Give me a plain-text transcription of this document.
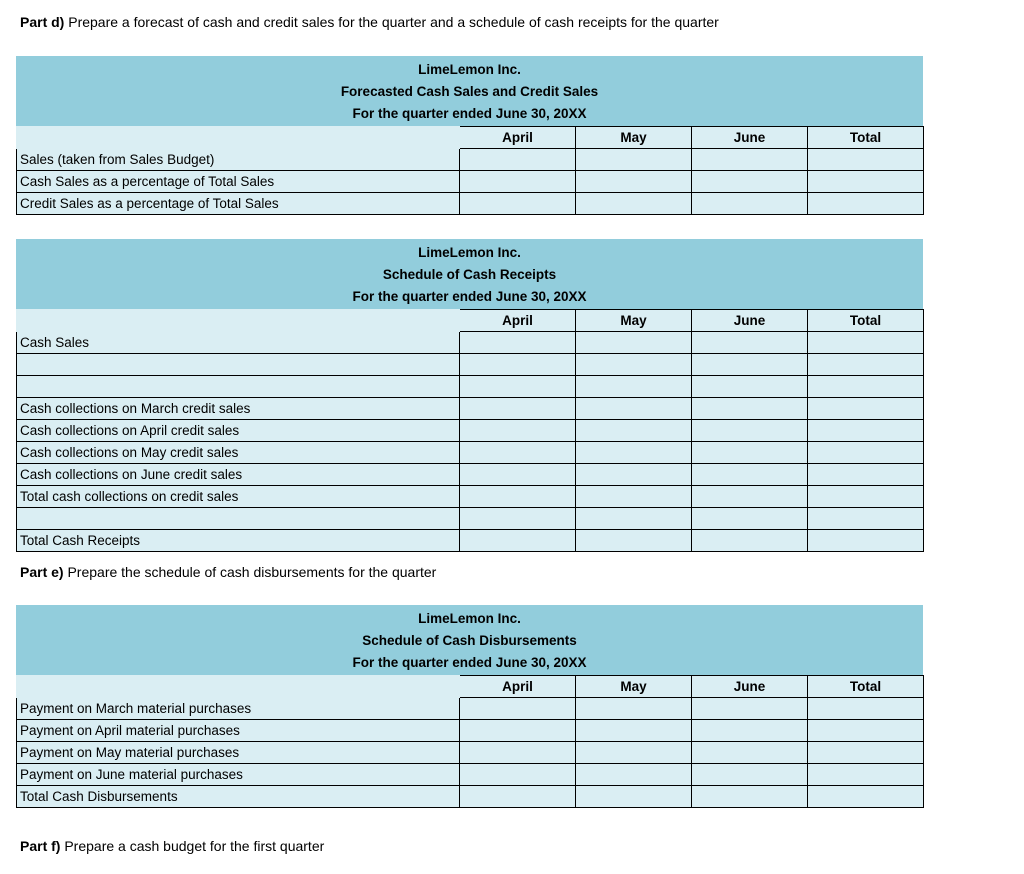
Part d) Prepare a forecast of cash and credit sales for the quarter and a schedule of cash receipts for the quarter
LimeLemon Inc.
Forecasted Cash Sales and Credit Sales
For the quarter ended June 30, 20XX
	April	May	June	Total
Sales (taken from Sales Budget)				
Cash Sales as a percentage of Total Sales				
Credit Sales as a percentage of Total Sales				
LimeLemon Inc.
Schedule of Cash Receipts
For the quarter ended June 30, 20XX
	April	May	June	Total
Cash Sales				

Cash collections on March credit sales				
Cash collections on April credit sales				
Cash collections on May credit sales				
Cash collections on June credit sales				
Total cash collections on credit sales				

Total Cash Receipts				
Part e) Prepare the schedule of cash disbursements for the quarter
LimeLemon Inc.
Schedule of Cash Disbursements
For the quarter ended June 30, 20XX
	April	May	June	Total
Payment on March material purchases				
Payment on April material purchases				
Payment on May material purchases				
Payment on June material purchases				
Total Cash Disbursements				
Part f) Prepare a cash budget for the first quarter
